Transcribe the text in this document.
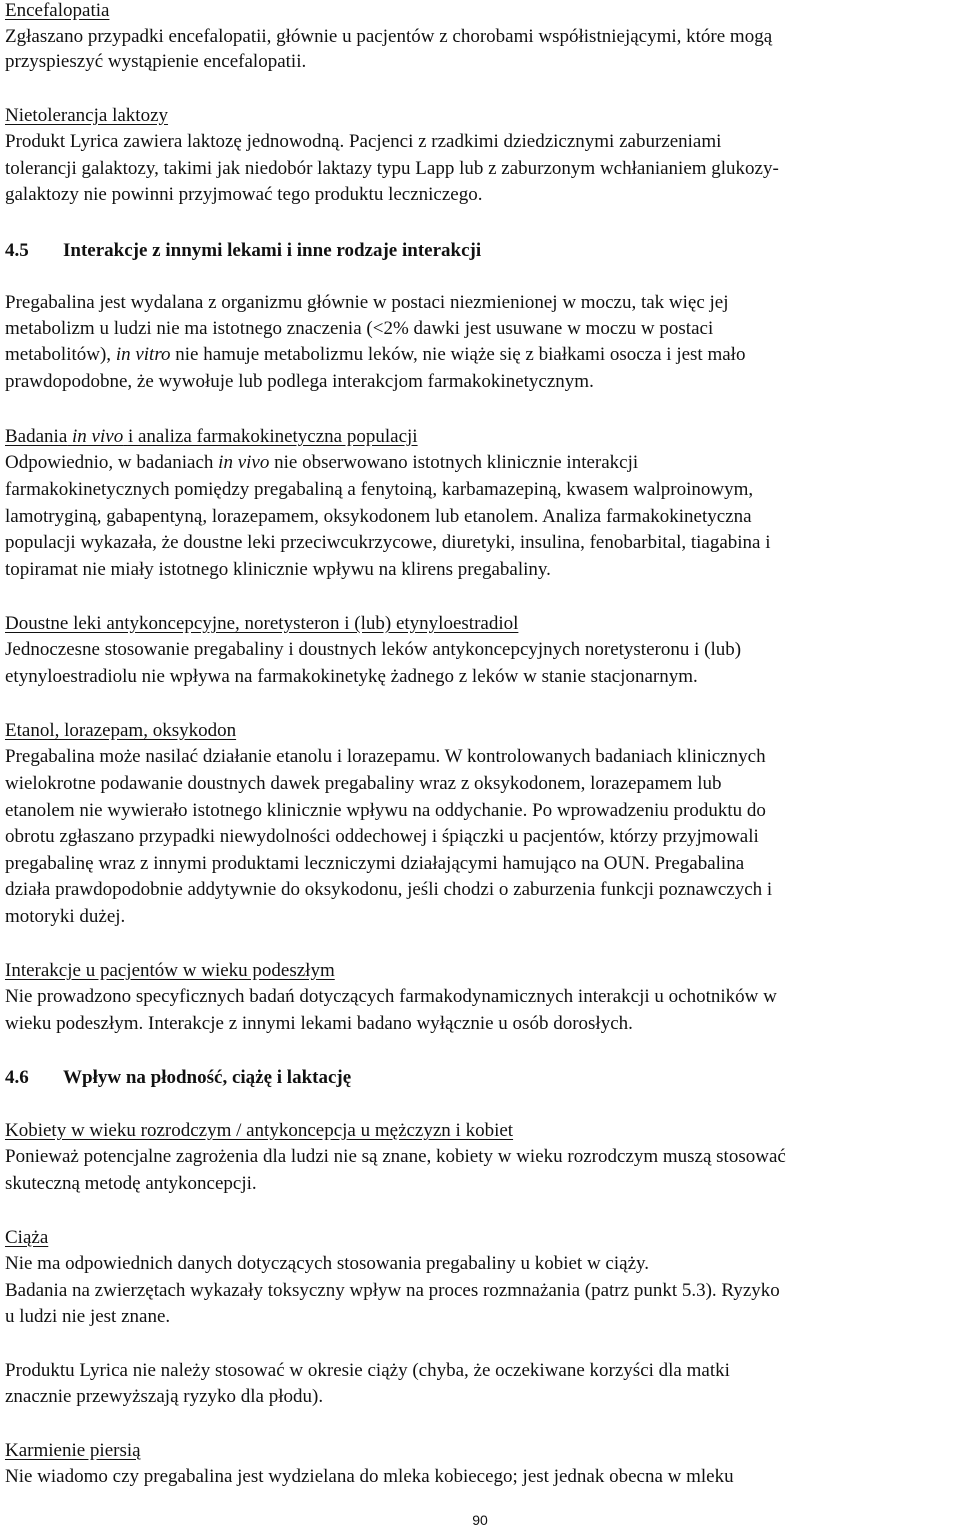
Encefalopatia
Zgłaszano przypadki encefalopatii, głównie u pacjentów z chorobami współistniejącymi, które mogą
przyspieszyć wystąpienie encefalopatii.
Nietolerancja laktozy
Produkt Lyrica zawiera laktozę jednowodną. Pacjenci z rzadkimi dziedzicznymi zaburzeniami
tolerancji galaktozy, takimi jak niedobór laktazy typu Lapp lub z zaburzonym wchłanianiem glukozy-
galaktozy nie powinni przyjmować tego produktu leczniczego.
4.5 Interakcje z innymi lekami i inne rodzaje interakcji
Pregabalina jest wydalana z organizmu głównie w postaci niezmienionej w moczu, tak więc jej
metabolizm u ludzi nie ma istotnego znaczenia (<2% dawki jest usuwane w moczu w postaci
metabolitów), in vitro nie hamuje metabolizmu leków, nie wiąże się z białkami osocza i jest mało
prawdopodobne, że wywołuje lub podlega interakcjom farmakokinetycznym.
Badania in vivo i analiza farmakokinetyczna populacji
Odpowiednio, w badaniach in vivo nie obserwowano istotnych klinicznie interakcji
farmakokinetycznych pomiędzy pregabaliną a fenytoiną, karbamazepiną, kwasem walproinowym,
lamotryginą, gabapentyną, lorazepamem, oksykodonem lub etanolem. Analiza farmakokinetyczna
populacji wykazała, że doustne leki przeciwcukrzycowe, diuretyki, insulina, fenobarbital, tiagabina i
topiramat nie miały istotnego klinicznie wpływu na klirens pregabaliny.
Doustne leki antykoncepcyjne, noretysteron i (lub) etynyloestradiol
Jednoczesne stosowanie pregabaliny i doustnych leków antykoncepcyjnych noretysteronu i (lub)
etynyloestradiolu nie wpływa na farmakokinetykę żadnego z leków w stanie stacjonarnym.
Etanol, lorazepam, oksykodon
Pregabalina może nasilać działanie etanolu i lorazepamu. W kontrolowanych badaniach klinicznych
wielokrotne podawanie doustnych dawek pregabaliny wraz z oksykodonem, lorazepamem lub
etanolem nie wywierało istotnego klinicznie wpływu na oddychanie. Po wprowadzeniu produktu do
obrotu zgłaszano przypadki niewydolności oddechowej i śpiączki u pacjentów, którzy przyjmowali
pregabalinę wraz z innymi produktami leczniczymi działającymi hamująco na OUN. Pregabalina
działa prawdopodobnie addytywnie do oksykodonu, jeśli chodzi o zaburzenia funkcji poznawczych i
motoryki dużej.
Interakcje u pacjentów w wieku podeszłym
Nie prowadzono specyficznych badań dotyczących farmakodynamicznych interakcji u ochotników w
wieku podeszłym. Interakcje z innymi lekami badano wyłącznie u osób dorosłych.
4.6 Wpływ na płodność, ciążę i laktację
Kobiety w wieku rozrodczym / antykoncepcja u mężczyzn i kobiet
Ponieważ potencjalne zagrożenia dla ludzi nie są znane, kobiety w wieku rozrodczym muszą stosować
skuteczną metodę antykoncepcji.
Ciąża
Nie ma odpowiednich danych dotyczących stosowania pregabaliny u kobiet w ciąży.
Badania na zwierzętach wykazały toksyczny wpływ na proces rozmnażania (patrz punkt 5.3). Ryzyko
u ludzi nie jest znane.
Produktu Lyrica nie należy stosować w okresie ciąży (chyba, że oczekiwane korzyści dla matki
znacznie przewyższają ryzyko dla płodu).
Karmienie piersią
Nie wiadomo czy pregabalina jest wydzielana do mleka kobiecego; jest jednak obecna w mleku
90
